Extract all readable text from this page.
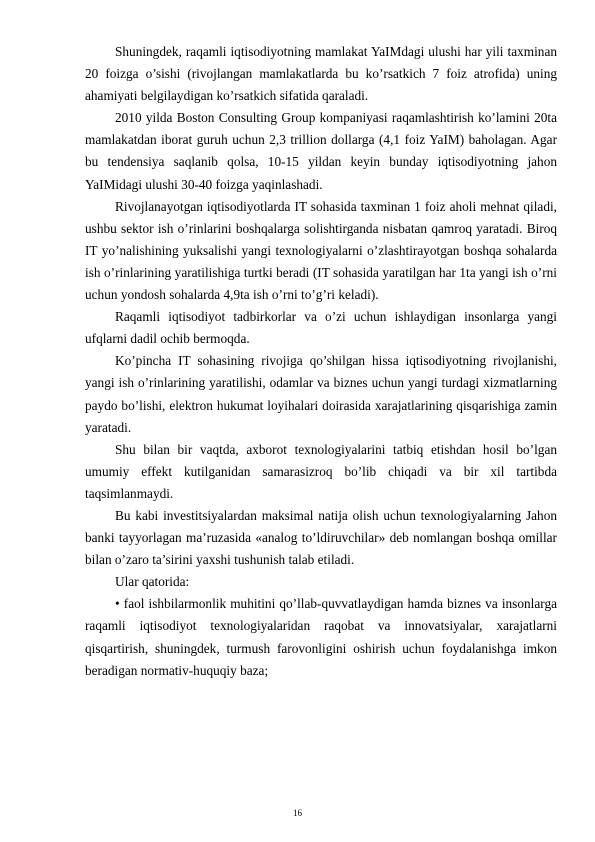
Shuningdek, raqamli iqtisodiyotning mamlakat YaIMdagi ulushi har yili taxminan 20 foizga o’sishi (rivojlangan mamlakatlarda bu ko’rsatkich 7 foiz atrofida) uning ahamiyati belgilaydigan ko’rsatkich sifatida qaraladi.

2010 yilda Boston Consulting Group kompaniyasi raqamlashtirish ko’lamini 20ta mamlakatdan iborat guruh uchun 2,3 trillion dollarga (4,1 foiz YaIM) baholagan. Agar bu tendensiya saqlanib qolsa, 10-15 yildan keyin bunday iqtisodiyotning jahon YaIMidagi ulushi 30-40 foizga yaqinlashadi.

Rivojlanayotgan iqtisodiyotlarda IT sohasida taxminan 1 foiz aholi mehnat qiladi, ushbu sektor ish o’rinlarini boshqalarga solishtirganda nisbatan qamroq yaratadi. Biroq IT yo’nalishining yuksalishi yangi texnologiyalarni o’zlashtirayotgan boshqa sohalarda ish o’rinlarining yaratilishiga turtki beradi (IT sohasida yaratilgan har 1ta yangi ish o’rni uchun yondosh sohalarda 4,9ta ish o’rni to’g’ri keladi).

Raqamli iqtisodiyot tadbirkorlar va o’zi uchun ishlaydigan insonlarga yangi ufqlarni dadil ochib bermoqda.

Ko’pincha IT sohasining rivojiga qo’shilgan hissa iqtisodiyotning rivojlanishi, yangi ish o’rinlarining yaratilishi, odamlar va biznes uchun yangi turdagi xizmatlarning paydo bo’lishi, elektron hukumat loyihalari doirasida xarajatlarining qisqarishiga zamin yaratadi.

Shu bilan bir vaqtda, axborot texnologiyalarini tatbiq etishdan hosil bo’lgan umumiy effekt kutilganidan samarasizroq bo’lib chiqadi va bir xil tartibda taqsimlanmaydi.

Bu kabi investitsiyalardan maksimal natija olish uchun texnologiyalarning Jahon banki tayyorlagan ma’ruzasida «analog to’ldiruvchilar» deb nomlangan boshqa omillar bilan o’zaro ta’sirini yaxshi tushunish talab etiladi.

Ular qatorida:

• faol ishbilarmonlik muhitini qo’llab-quvvatlaydigan hamda biznes va insonlarga raqamli iqtisodiyot texnologiyalaridan raqobat va innovatsiyalar, xarajatlarni qisqartirish, shuningdek, turmush farovonligini oshirish uchun foydalanishga imkon beradigan normativ-huquqiy baza;

16
